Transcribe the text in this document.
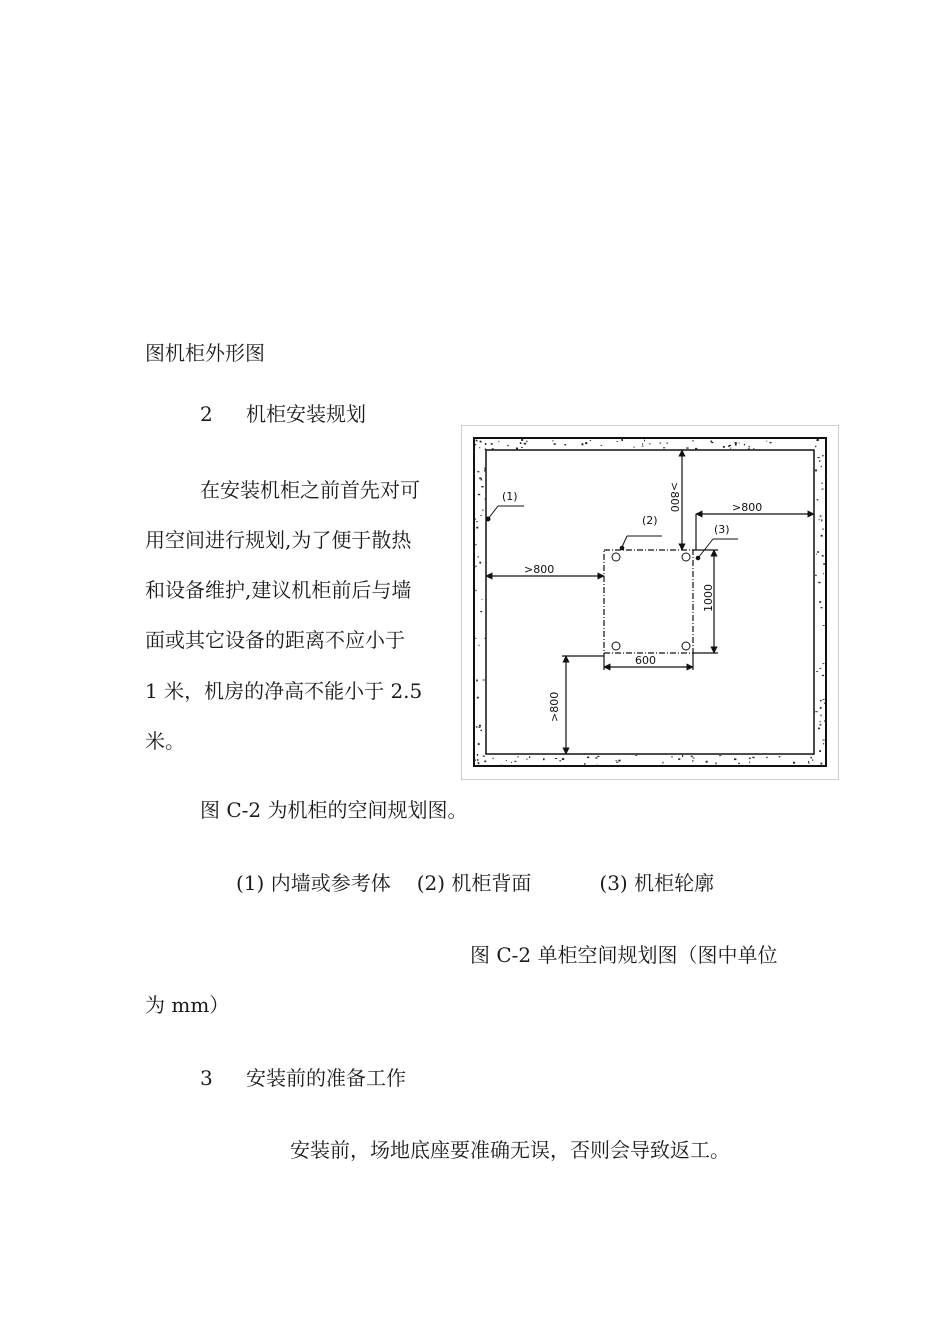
图机柜外形图
2 机柜安装规划
在安装机柜之前首先对可
用空间进行规划,为了便于散热
和设备维护,建议机柜前后与墙
面或其它设备的距离不应小于
1 米，机房的净高不能小于 2.5
米。
(1)
(2)
(3)
>800	>800
>800
1000
600
>800
图 C-2 为机柜的空间规划图。
(1) 内墙或参考体 (2) 机柜背面	(3) 机柜轮廓
图 C-2 单柜空间规划图（图中单位
为 mm）
3 安装前的准备工作
安装前，场地底座要准确无误，否则会导致返工。
